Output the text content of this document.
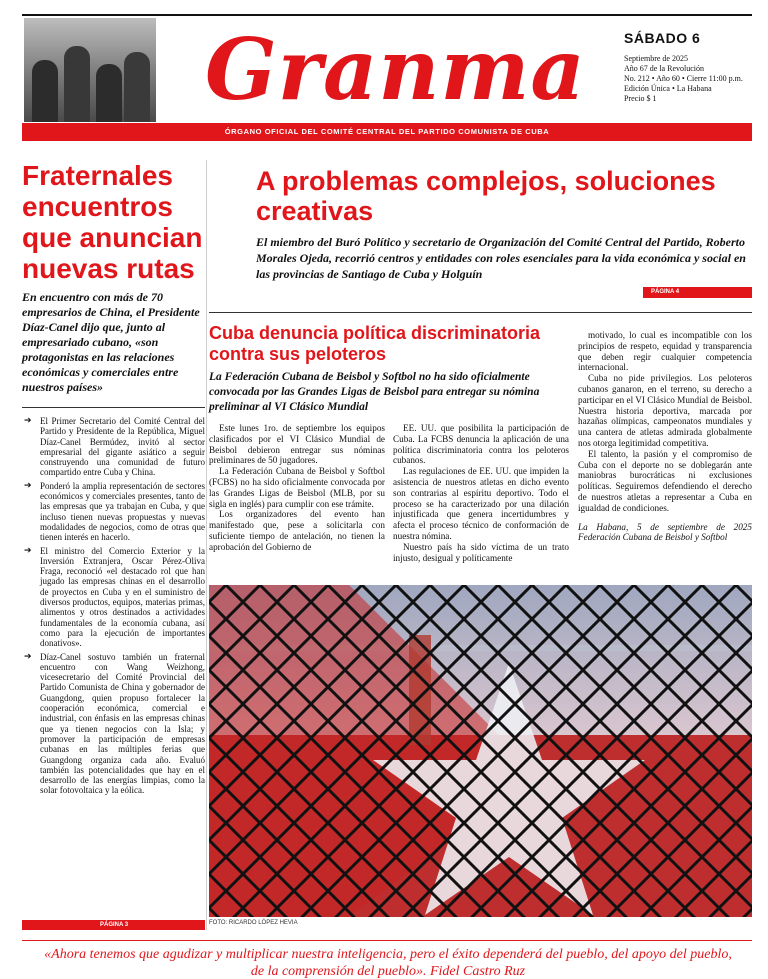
Granma	SÁBADO 6
Septiembre de 2025
Año 67 de la Revolución
No. 212 • Año 60 • Cierre 11:00 p.m.
Edición Única • La Habana
Precio $ 1
ÓRGANO OFICIAL DEL COMITÉ CENTRAL DEL PARTIDO COMUNISTA DE CUBA
Fraternales encuentros que anuncian nuevas rutas

En encuentro con más de 70 empresarios de China, el Presidente Díaz-Canel dijo que, junto al empresariado cubano, «son protagonistas en las relaciones económicas y comerciales entre nuestros países»

➔ El Primer Secretario del Comité Central del Partido y Presidente de la República, Miguel Díaz-Canel Bermúdez, invitó al sector empresarial del gigante asiático a seguir construyendo una comunidad de futuro compartido entre Cuba y China.
➔ Ponderó la amplia representación de sectores económicos y comerciales presentes, tanto de las empresas que ya trabajan en Cuba, y que incluso tienen nuevas propuestas y nuevas modalidades de negocios, como de otras que tienen interés en hacerlo.
➔ El ministro del Comercio Exterior y la Inversión Extranjera, Oscar Pérez-Oliva Fraga, reconoció «el destacado rol que han jugado las empresas chinas en el desarrollo de proyectos en Cuba y en el suministro de diversos productos, equipos, materias primas, alimentos y otros destinados a actividades fundamentales de la economía cubana, así como para la ejecución de importantes donativos».
➔ Díaz-Canel sostuvo también un fraternal encuentro con Wang Weizhong, vicesecretario del Comité Provincial del Partido Comunista de China y gobernador de Guangdong, quien propuso fortalecer la cooperación económica, comercial e industrial, con énfasis en las empresas chinas que ya tienen negocios con la Isla; y promover la participación de empresas cubanas en las múltiples ferias que Guangdong organiza cada año. Evaluó también las potencialidades que hay en el desarrollo de las energías limpias, como la solar fotovoltaica y la eólica.
PÁGINA 3
A problemas complejos, soluciones creativas

El miembro del Buró Político y secretario de Organización del Comité Central del Partido, Roberto Morales Ojeda, recorrió centros y entidades con roles esenciales para la vida económica y social en las provincias de Santiago de Cuba y Holguín

PÁGINA 4
Cuba denuncia política discriminatoria contra sus peloteros

La Federación Cubana de Beisbol y Softbol no ha sido oficialmente convocada por las Grandes Ligas de Beisbol para entregar su nómina preliminar al VI Clásico Mundial

Este lunes 1ro. de septiembre los equipos clasificados por el VI Clásico Mundial de Beisbol debieron entregar sus nóminas preliminares de 50 jugadores.

La Federación Cubana de Beisbol y Softbol (FCBS) no ha sido oficialmente convocada por las Grandes Ligas de Beisbol (MLB, por su sigla en inglés) para cumplir con ese trámite.

Los organizadores del evento han manifestado que, pese a solicitarla con suficiente tiempo de antelación, no tienen la aprobación del Gobierno de

EE. UU. que posibilita la participación de Cuba. La FCBS denuncia la aplicación de una política discriminatoria contra los peloteros cubanos.

Las regulaciones de EE. UU. que impiden la asistencia de nuestros atletas en dicho evento son contrarias al espíritu deportivo. Todo el proceso se ha caracterizado por una dilación injustificada que genera incertidumbres y afecta el proceso técnico de conformación de nuestra nómina.

Nuestro país ha sido víctima de un trato injusto, desigual y políticamente

motivado, lo cual es incompatible con los principios de respeto, equidad y transparencia que deben regir cualquier competencia internacional.

Cuba no pide privilegios. Los peloteros cubanos ganaron, en el terreno, su derecho a participar en el VI Clásico Mundial de Beisbol. Nuestra historia deportiva, marcada por hazañas olímpicas, campeonatos mundiales y una cantera de atletas admirada globalmente nos otorga legitimidad competitiva.

El talento, la pasión y el compromiso de Cuba con el deporte no se doblegarán ante maniobras burocráticas ni exclusiones políticas. Seguiremos defendiendo el derecho de nuestros atletas a representar a Cuba en igualdad de condiciones.

La Habana, 5 de septiembre de 2025 Federación Cubana de Beisbol y Softbol

FOTO: RICARDO LÓPEZ HEVIA

«Ahora tenemos que agudizar y multiplicar nuestra inteligencia, pero el éxito dependerá del pueblo, del apoyo del pueblo, de la comprensión del pueblo». Fidel Castro Ruz
